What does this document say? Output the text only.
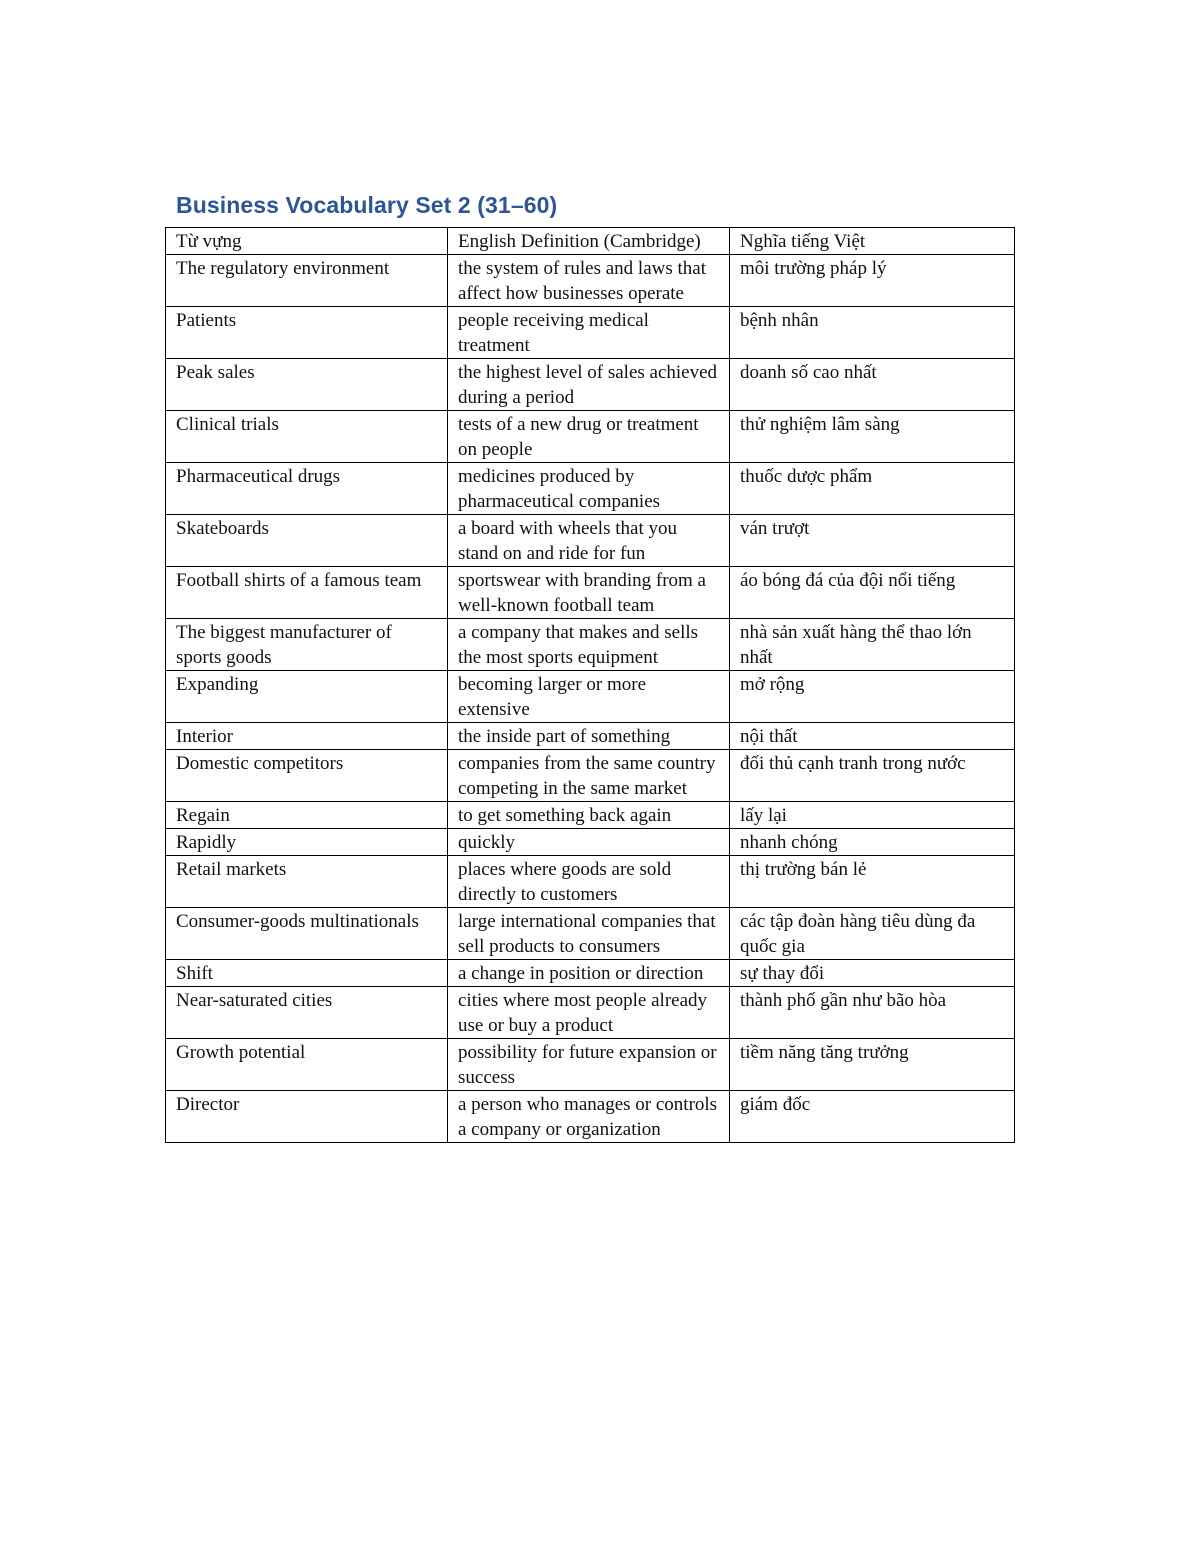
Business Vocabulary Set 2 (31–60)
Từ vựng	English Definition (Cambridge)	Nghĩa tiếng Việt
The regulatory environment	the system of rules and laws that affect how businesses operate	môi trường pháp lý
Patients	people receiving medical treatment	bệnh nhân
Peak sales	the highest level of sales achieved during a period	doanh số cao nhất
Clinical trials	tests of a new drug or treatment on people	thử nghiệm lâm sàng
Pharmaceutical drugs	medicines produced by pharmaceutical companies	thuốc dược phẩm
Skateboards	a board with wheels that you stand on and ride for fun	ván trượt
Football shirts of a famous team	sportswear with branding from a well-known football team	áo bóng đá của đội nổi tiếng
The biggest manufacturer of sports goods	a company that makes and sells the most sports equipment	nhà sản xuất hàng thể thao lớn nhất
Expanding	becoming larger or more extensive	mở rộng
Interior	the inside part of something	nội thất
Domestic competitors	companies from the same country competing in the same market	đối thủ cạnh tranh trong nước
Regain	to get something back again	lấy lại
Rapidly	quickly	nhanh chóng
Retail markets	places where goods are sold directly to customers	thị trường bán lẻ
Consumer-goods multinationals	large international companies that sell products to consumers	các tập đoàn hàng tiêu dùng đa quốc gia
Shift	a change in position or direction	sự thay đổi
Near-saturated cities	cities where most people already use or buy a product	thành phố gần như bão hòa
Growth potential	possibility for future expansion or success	tiềm năng tăng trưởng
Director	a person who manages or controls a company or organization	giám đốc
